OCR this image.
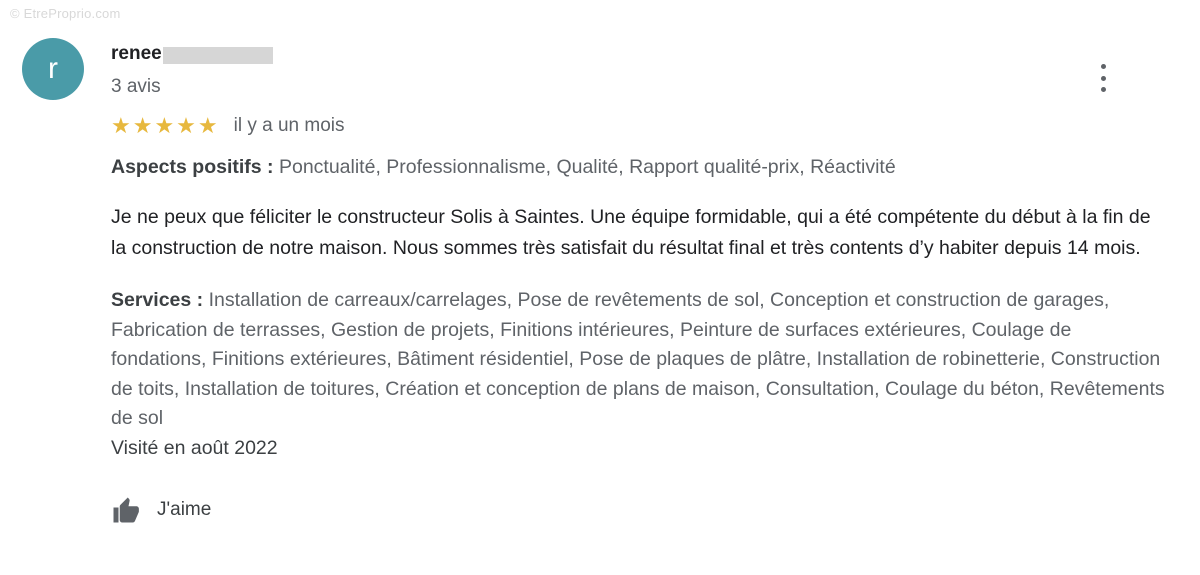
© EtreProprio.com
r	renee
3 avis
★★★★★ il y a un mois
Aspects positifs : Ponctualité, Professionnalisme, Qualité, Rapport qualité-prix, Réactivité
Je ne peux que féliciter le constructeur Solis à Saintes. Une équipe formidable, qui a été compétente du début à la fin de la construction de notre maison. Nous sommes très satisfait du résultat final et très contents d’y habiter depuis 14 mois.
Services : Installation de carreaux/carrelages, Pose de revêtements de sol, Conception et construction de garages, Fabrication de terrasses, Gestion de projets, Finitions intérieures, Peinture de surfaces extérieures, Coulage de fondations, Finitions extérieures, Bâtiment résidentiel, Pose de plaques de plâtre, Installation de robinetterie, Construction de toits, Installation de toitures, Création et conception de plans de maison, Consultation, Coulage du béton, Revêtements de sol
Visité en août 2022
J'aime
